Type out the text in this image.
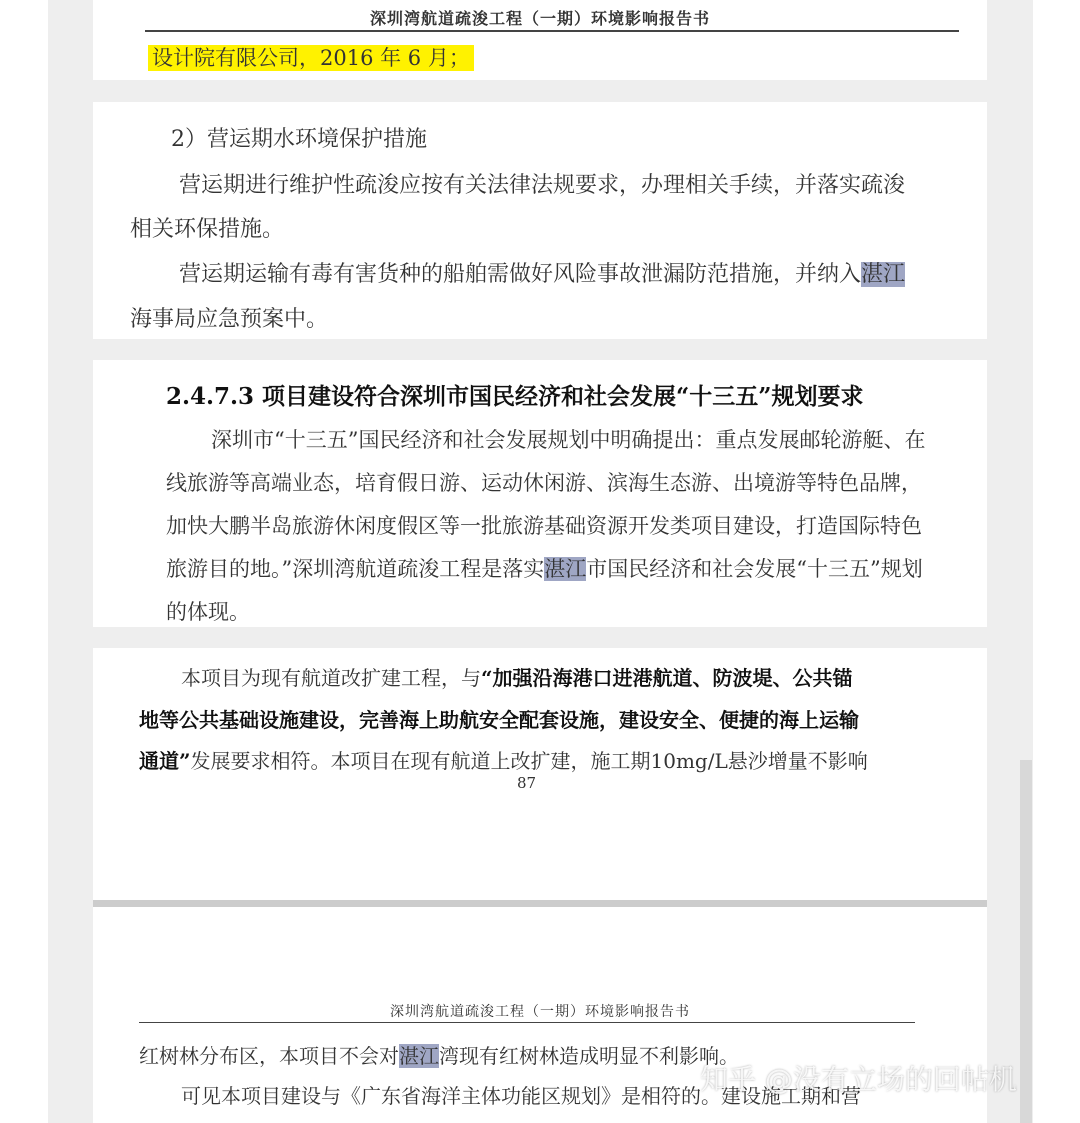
深圳湾航道疏浚工程（一期）环境影响报告书
设计院有限公司，2016 年 6 月；
2）营运期水环境保护措施
营运期进行维护性疏浚应按有关法律法规要求，办理相关手续，并落实疏浚
相关环保措施。
营运期运输有毒有害货种的船舶需做好风险事故泄漏防范措施，并纳入湛江
海事局应急预案中。
2.4.7.3 项目建设符合深圳市国民经济和社会发展“十三五”规划要求
深圳市“十三五”国民经济和社会发展规划中明确提出：重点发展邮轮游艇、在
线旅游等高端业态，培育假日游、运动休闲游、滨海生态游、出境游等特色品牌，
加快大鹏半岛旅游休闲度假区等一批旅游基础资源开发类项目建设，打造国际特色
旅游目的地。”深圳湾航道疏浚工程是落实湛江市国民经济和社会发展“十三五”规划
的体现。
本项目为现有航道改扩建工程，与“加强沿海港口进港航道、防波堤、公共锚
地等公共基础设施建设，完善海上助航安全配套设施，建设安全、便捷的海上运输
通道”发展要求相符。本项目在现有航道上改扩建，施工期10mg/L悬沙增量不影响
87
深圳湾航道疏浚工程（一期）环境影响报告书
红树林分布区，本项目不会对湛江湾现有红树林造成明显不利影响。
可见本项目建设与《广东省海洋主体功能区规划》是相符的。建设施工期和营
知乎 @没有立场的回帖机
